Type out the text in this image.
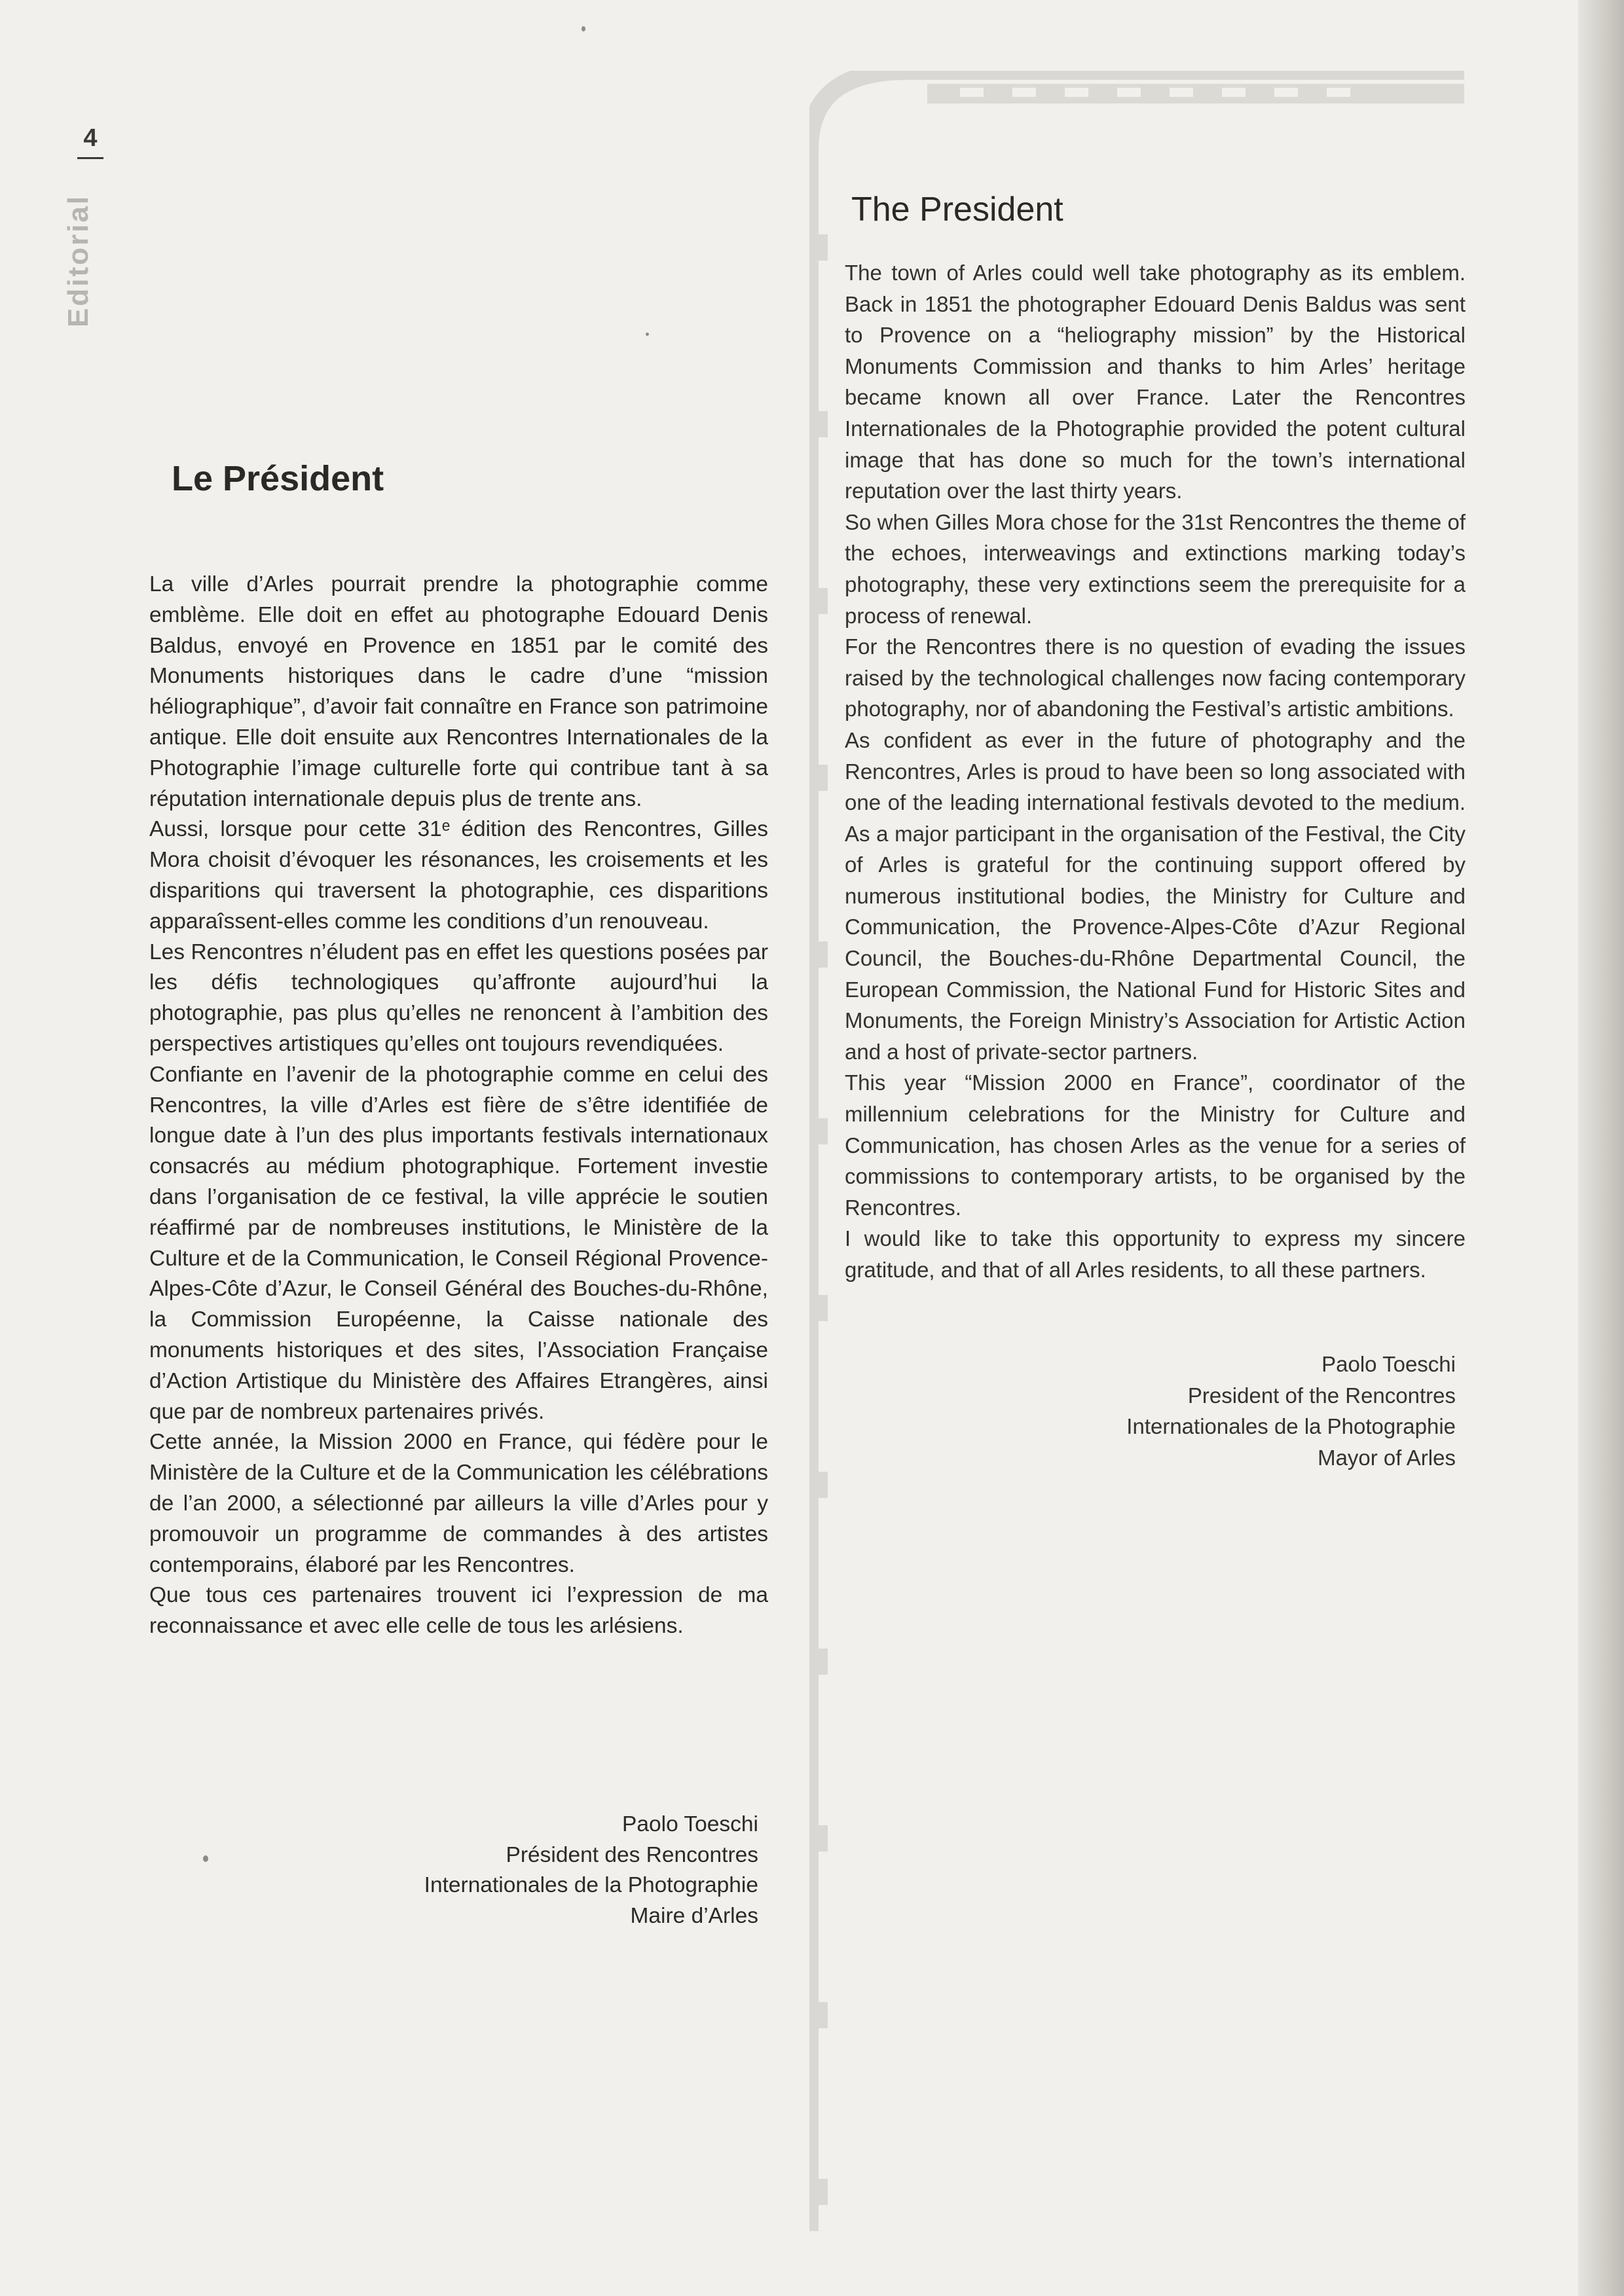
4
Editorial
Le Président

La ville d’Arles pourrait prendre la photographie comme emblème. Elle doit en effet au photographe Edouard Denis Baldus, envoyé en Provence en 1851 par le comité des Monuments historiques dans le cadre d’une “mission héliographique”, d’avoir fait connaître en France son patrimoine antique. Elle doit ensuite aux Rencontres Internationales de la Photographie l’image culturelle forte qui contribue tant à sa réputation internationale depuis plus de trente ans.

Aussi, lorsque pour cette 31ᵉ édition des Rencontres, Gilles Mora choisit d’évoquer les résonances, les croisements et les disparitions qui traversent la photographie, ces disparitions apparaîssent-elles comme les conditions d’un renouveau.

Les Rencontres n’éludent pas en effet les questions posées par les défis technologiques qu’affronte aujourd’hui la photographie, pas plus qu’elles ne renoncent à l’ambition des perspectives artistiques qu’elles ont toujours revendiquées.

Confiante en l’avenir de la photographie comme en celui des Rencontres, la ville d’Arles est fière de s’être identifiée de longue date à l’un des plus importants festivals internationaux consacrés au médium photographique. Fortement investie dans l’organisation de ce festival, la ville apprécie le soutien réaffirmé par de nombreuses institutions, le Ministère de la Culture et de la Communication, le Conseil Régional Provence-Alpes-Côte d’Azur, le Conseil Général des Bouches-du-Rhône, la Commission Européenne, la Caisse nationale des monuments historiques et des sites, l’Association Française d’Action Artistique du Ministère des Affaires Etrangères, ainsi que par de nombreux partenaires privés.

Cette année, la Mission 2000 en France, qui fédère pour le Ministère de la Culture et de la Communication les célébrations de l’an 2000, a sélectionné par ailleurs la ville d’Arles pour y promouvoir un programme de commandes à des artistes contemporains, élaboré par les Rencontres.

Que tous ces partenaires trouvent ici l’expression de ma reconnaissance et avec elle celle de tous les arlésiens.

Paolo Toeschi
Président des Rencontres
Internationales de la Photographie
Maire d’Arles
The President

The town of Arles could well take photography as its emblem. Back in 1851 the photographer Edouard Denis Baldus was sent to Provence on a “heliography mission” by the Historical Monuments Commission and thanks to him Arles’ heritage became known all over France. Later the Rencontres Internationales de la Photographie provided the potent cultural image that has done so much for the town’s international reputation over the last thirty years.

So when Gilles Mora chose for the 31st Rencontres the theme of the echoes, interweavings and extinctions marking today’s photography, these very extinctions seem the prerequisite for a process of renewal.

For the Rencontres there is no question of evading the issues raised by the technological challenges now facing contemporary photography, nor of abandoning the Festival’s artistic ambitions.

As confident as ever in the future of photography and the Rencontres, Arles is proud to have been so long associated with one of the leading international festivals devoted to the medium. As a major participant in the organisation of the Festival, the City of Arles is grateful for the continuing support offered by numerous institutional bodies, the Ministry for Culture and Communication, the Provence-Alpes-Côte d’Azur Regional Council, the Bouches-du-Rhône Departmental Council, the European Commission, the National Fund for Historic Sites and Monuments, the Foreign Ministry’s Association for Artistic Action and a host of private-sector partners.

This year “Mission 2000 en France”, coordinator of the millennium celebrations for the Ministry for Culture and Communication, has chosen Arles as the venue for a series of commissions to contemporary artists, to be organised by the Rencontres.

I would like to take this opportunity to express my sincere gratitude, and that of all Arles residents, to all these partners.

Paolo Toeschi
President of the Rencontres
Internationales de la Photographie
Mayor of Arles
